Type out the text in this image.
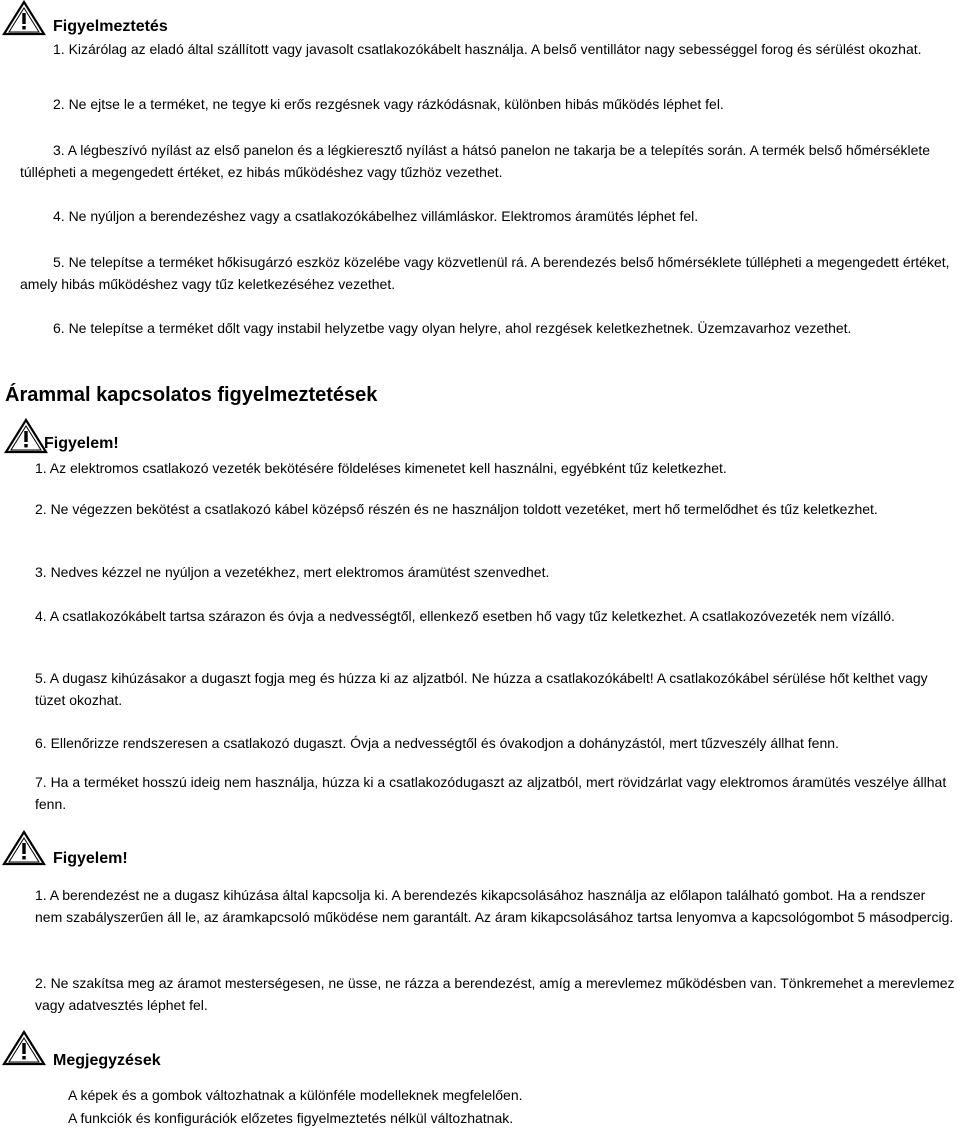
Figyelmeztetés

1. Kizárólag az eladó által szállított vagy javasolt csatlakozókábelt használja. A belső ventillátor nagy sebességgel forog és sérülést okozhat.

2. Ne ejtse le a terméket, ne tegye ki erős rezgésnek vagy rázkódásnak, különben hibás működés léphet fel.

3. A légbeszívó nyílást az első panelon és a légkieresztő nyílást a hátsó panelon ne takarja be a telepítés során. A termék belső hőmérséklete túllépheti a megengedett értéket, ez hibás működéshez vagy tűzhöz vezethet.

4. Ne nyúljon a berendezéshez vagy a csatlakozókábelhez villámláskor. Elektromos áramütés léphet fel.

5. Ne telepítse a terméket hőkisugárzó eszköz közelébe vagy közvetlenül rá. A berendezés belső hőmérséklete túllépheti a megengedett értéket, amely hibás működéshez vagy tűz keletkezéséhez vezethet.

6. Ne telepítse a terméket dőlt vagy instabil helyzetbe vagy olyan helyre, ahol rezgések keletkezhetnek. Üzemzavarhoz vezethet.

Árammal kapcsolatos figyelmeztetések

Figyelem!

1. Az elektromos csatlakozó vezeték bekötésére földeléses kimenetet kell használni, egyébként tűz keletkezhet.

2. Ne végezzen bekötést a csatlakozó kábel középső részén és ne használjon toldott vezetéket, mert hő termelődhet és tűz keletkezhet.

3. Nedves kézzel ne nyúljon a vezetékhez, mert elektromos áramütést szenvedhet.

4. A csatlakozókábelt tartsa szárazon és óvja a nedvességtől, ellenkező esetben hő vagy tűz keletkezhet. A csatlakozóvezeték nem vízálló.

5. A dugasz kihúzásakor a dugaszt fogja meg és húzza ki az aljzatból. Ne húzza a csatlakozókábelt! A csatlakozókábel sérülése hőt kelthet vagy tüzet okozhat.

6. Ellenőrizze rendszeresen a csatlakozó dugaszt. Óvja a nedvességtől és óvakodjon a dohányzástól, mert tűzveszély állhat fenn.

7. Ha a terméket hosszú ideig nem használja, húzza ki a csatlakozódugaszt az aljzatból, mert rövidzárlat vagy elektromos áramütés veszélye állhat fenn.

Figyelem!

1. A berendezést ne a dugasz kihúzása által kapcsolja ki. A berendezés kikapcsolásához használja az előlapon található gombot. Ha a rendszer nem szabályszerűen áll le, az áramkapcsoló működése nem garantált. Az áram kikapcsolásához tartsa lenyomva a kapcsológombot 5 másodpercig.

2. Ne szakítsa meg az áramot mesterségesen, ne üsse, ne rázza a berendezést, amíg a merevlemez működésben van. Tönkremehet a merevlemez vagy adatvesztés léphet fel.

Megjegyzések

A képek és a gombok változhatnak a különféle modelleknek megfelelően.

A funkciók és konfigurációk előzetes figyelmeztetés nélkül változhatnak.
